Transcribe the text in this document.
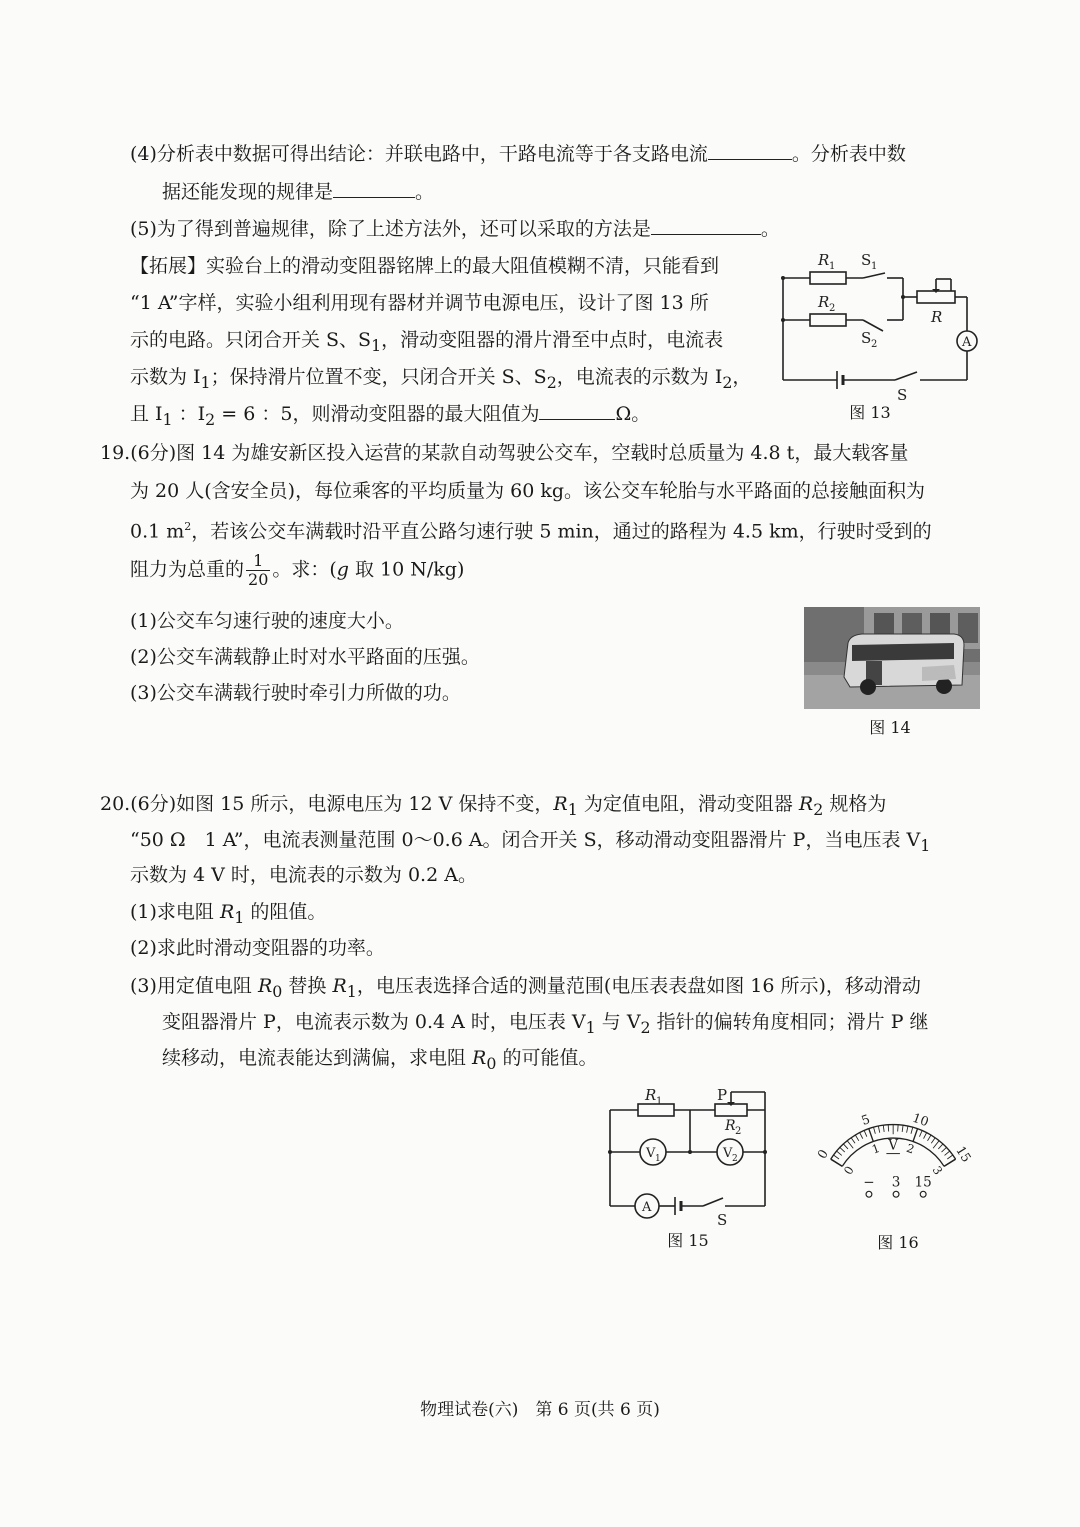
(4)分析表中数据可得出结论：并联电路中，干路电流等于各支路电流	。分析表中数

据还能发现的规律是	。

(5)为了得到普遍规律，除了上述方法外，还可以采取的方法是	。

【拓展】实验台上的滑动变阻器铭牌上的最大阻值模糊不清，只能看到

“1 A”字样，实验小组利用现有器材并调节电源电压，设计了图 13 所

示的电路。只闭合开关 S、$S_1$，滑动变阻器的滑片滑至中点时，电流表

示数为 $I_1$；保持滑片位置不变，只闭合开关 S、$S_2$，电流表的示数为 $I_2$，

且 $I_1$ ：$I_2 = 6$ ：5，则滑动变阻器的最大阻值为	Ω。

R 1 S 1
R 2
S 2
R
A
S
图 13

19.(6分)图 14 为雄安新区投入运营的某款自动驾驶公交车，空载时总质量为 4.8 t，最大载客量

为 20 人(含安全员)，每位乘客的平均质量为 60 kg。该公交车轮胎与水平路面的总接触面积为

0.1 $m^2$，若该公交车满载时沿平直公路匀速行驶 5 min，通过的路程为 4.5 km，行驶时受到的

阻力为总重的 $\frac{1}{20}$ 。求：(g 取 10 N/kg)

(1)公交车匀速行驶的速度大小。

(2)公交车满载静止时对水平路面的压强。

(3)公交车满载行驶时牵引力所做的功。

图 14

20.(6分)如图 15 所示，电源电压为 12 V 保持不变，$R_1$ 为定值电阻，滑动变阻器 $R_2$ 规格为

“50 Ω　1 A”，电流表测量范围 0～0.6 A。闭合开关 S，移动滑动变阻器滑片 P，当电压表 $V_1$

示数为 4 V 时，电流表的示数为 0.2 A。

(1)求电阻 $R_1$ 的阻值。

(2)求此时滑动变阻器的功率。

(3)用定值电阻 $R_0$ 替换 $R_1$，电压表选择合适的测量范围(电压表表盘如图 16 所示)，移动滑动

变阻器滑片 P，电流表示数为 0.4 A 时，电压表 $V_1$ 与 $V_2$ 指针的偏转角度相同；滑片 P 继

续移动，电流表能达到满偏，求电阻 $R_0$ 的可能值。

R 1	P
R 2
V 1	V 2
A
S
图 15
0
5	10
15
0
1 2
3
V
− 3 15
图 16
物理试卷(六)　第 6 页(共 6 页)
